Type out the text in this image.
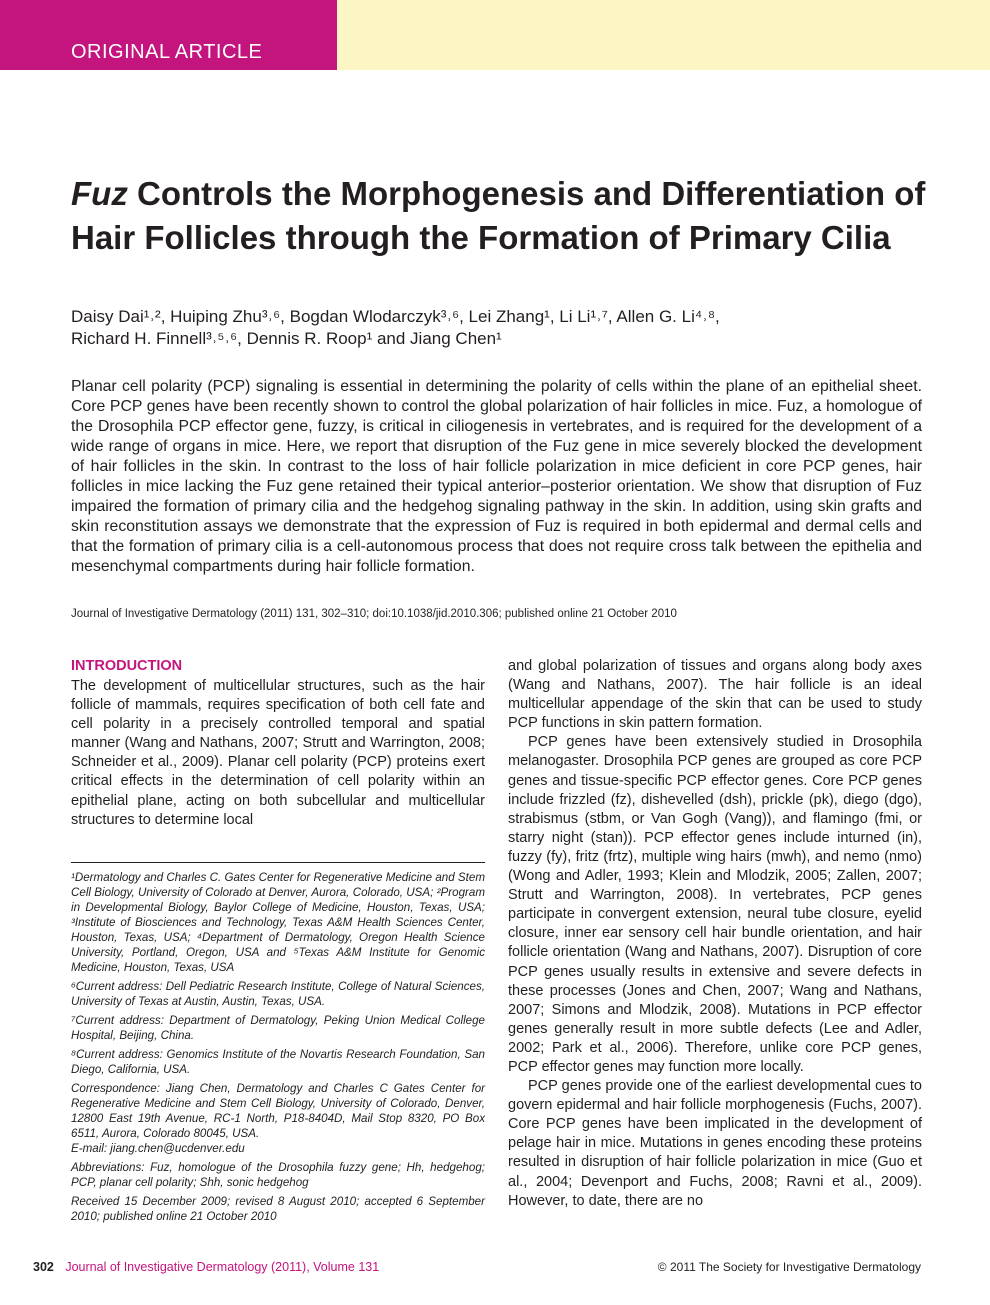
ORIGINAL ARTICLE
Fuz Controls the Morphogenesis and Differentiation of Hair Follicles through the Formation of Primary Cilia
Daisy Dai¹˒², Huiping Zhu³˒⁶, Bogdan Wlodarczyk³˒⁶, Lei Zhang¹, Li Li¹˒⁷, Allen G. Li⁴˒⁸,
Richard H. Finnell³˒⁵˒⁶, Dennis R. Roop¹ and Jiang Chen¹

Planar cell polarity (PCP) signaling is essential in determining the polarity of cells within the plane of an epithelial sheet. Core PCP genes have been recently shown to control the global polarization of hair follicles in mice. Fuz, a homologue of the Drosophila PCP effector gene, fuzzy, is critical in ciliogenesis in vertebrates, and is required for the development of a wide range of organs in mice. Here, we report that disruption of the Fuz gene in mice severely blocked the development of hair follicles in the skin. In contrast to the loss of hair follicle polarization in mice deficient in core PCP genes, hair follicles in mice lacking the Fuz gene retained their typical anterior–posterior orientation. We show that disruption of Fuz impaired the formation of primary cilia and the hedgehog signaling pathway in the skin. In addition, using skin grafts and skin reconstitution assays we demonstrate that the expression of Fuz is required in both epidermal and dermal cells and that the formation of primary cilia is a cell-autonomous process that does not require cross talk between the epithelia and mesenchymal compartments during hair follicle formation.

Journal of Investigative Dermatology (2011) 131, 302–310; doi:10.1038/jid.2010.306; published online 21 October 2010
INTRODUCTION

The development of multicellular structures, such as the hair follicle of mammals, requires specification of both cell fate and cell polarity in a precisely controlled temporal and spatial manner (Wang and Nathans, 2007; Strutt and Warrington, 2008; Schneider et al., 2009). Planar cell polarity (PCP) proteins exert critical effects in the determination of cell polarity within an epithelial plane, acting on both subcellular and multicellular structures to determine local

¹Dermatology and Charles C. Gates Center for Regenerative Medicine and Stem Cell Biology, University of Colorado at Denver, Aurora, Colorado, USA; ²Program in Developmental Biology, Baylor College of Medicine, Houston, Texas, USA; ³Institute of Biosciences and Technology, Texas A&M Health Sciences Center, Houston, Texas, USA; ⁴Department of Dermatology, Oregon Health Science University, Portland, Oregon, USA and ⁵Texas A&M Institute for Genomic Medicine, Houston, Texas, USA

⁶Current address: Dell Pediatric Research Institute, College of Natural Sciences, University of Texas at Austin, Austin, Texas, USA.

⁷Current address: Department of Dermatology, Peking Union Medical College Hospital, Beijing, China.

⁸Current address: Genomics Institute of the Novartis Research Foundation, San Diego, California, USA.

Correspondence: Jiang Chen, Dermatology and Charles C Gates Center for Regenerative Medicine and Stem Cell Biology, University of Colorado, Denver, 12800 East 19th Avenue, RC-1 North, P18-8404D, Mail Stop 8320, PO Box 6511, Aurora, Colorado 80045, USA.
E-mail: jiang.chen@ucdenver.edu

Abbreviations: Fuz, homologue of the Drosophila fuzzy gene; Hh, hedgehog; PCP, planar cell polarity; Shh, sonic hedgehog

Received 15 December 2009; revised 8 August 2010; accepted 6 September 2010; published online 21 October 2010

and global polarization of tissues and organs along body axes (Wang and Nathans, 2007). The hair follicle is an ideal multicellular appendage of the skin that can be used to study PCP functions in skin pattern formation.

PCP genes have been extensively studied in Drosophila melanogaster. Drosophila PCP genes are grouped as core PCP genes and tissue-specific PCP effector genes. Core PCP genes include frizzled (fz), dishevelled (dsh), prickle (pk), diego (dgo), strabismus (stbm, or Van Gogh (Vang)), and flamingo (fmi, or starry night (stan)). PCP effector genes include inturned (in), fuzzy (fy), fritz (frtz), multiple wing hairs (mwh), and nemo (nmo) (Wong and Adler, 1993; Klein and Mlodzik, 2005; Zallen, 2007; Strutt and Warrington, 2008). In vertebrates, PCP genes participate in convergent extension, neural tube closure, eyelid closure, inner ear sensory cell hair bundle orientation, and hair follicle orientation (Wang and Nathans, 2007). Disruption of core PCP genes usually results in extensive and severe defects in these processes (Jones and Chen, 2007; Wang and Nathans, 2007; Simons and Mlodzik, 2008). Mutations in PCP effector genes generally result in more subtle defects (Lee and Adler, 2002; Park et al., 2006). Therefore, unlike core PCP genes, PCP effector genes may function more locally.

PCP genes provide one of the earliest developmental cues to govern epidermal and hair follicle morphogenesis (Fuchs, 2007). Core PCP genes have been implicated in the development of pelage hair in mice. Mutations in genes encoding these proteins resulted in disruption of hair follicle polarization in mice (Guo et al., 2004; Devenport and Fuchs, 2008; Ravni et al., 2009). However, to date, there are no

302 Journal of Investigative Dermatology (2011), Volume 131	© 2011 The Society for Investigative Dermatology
